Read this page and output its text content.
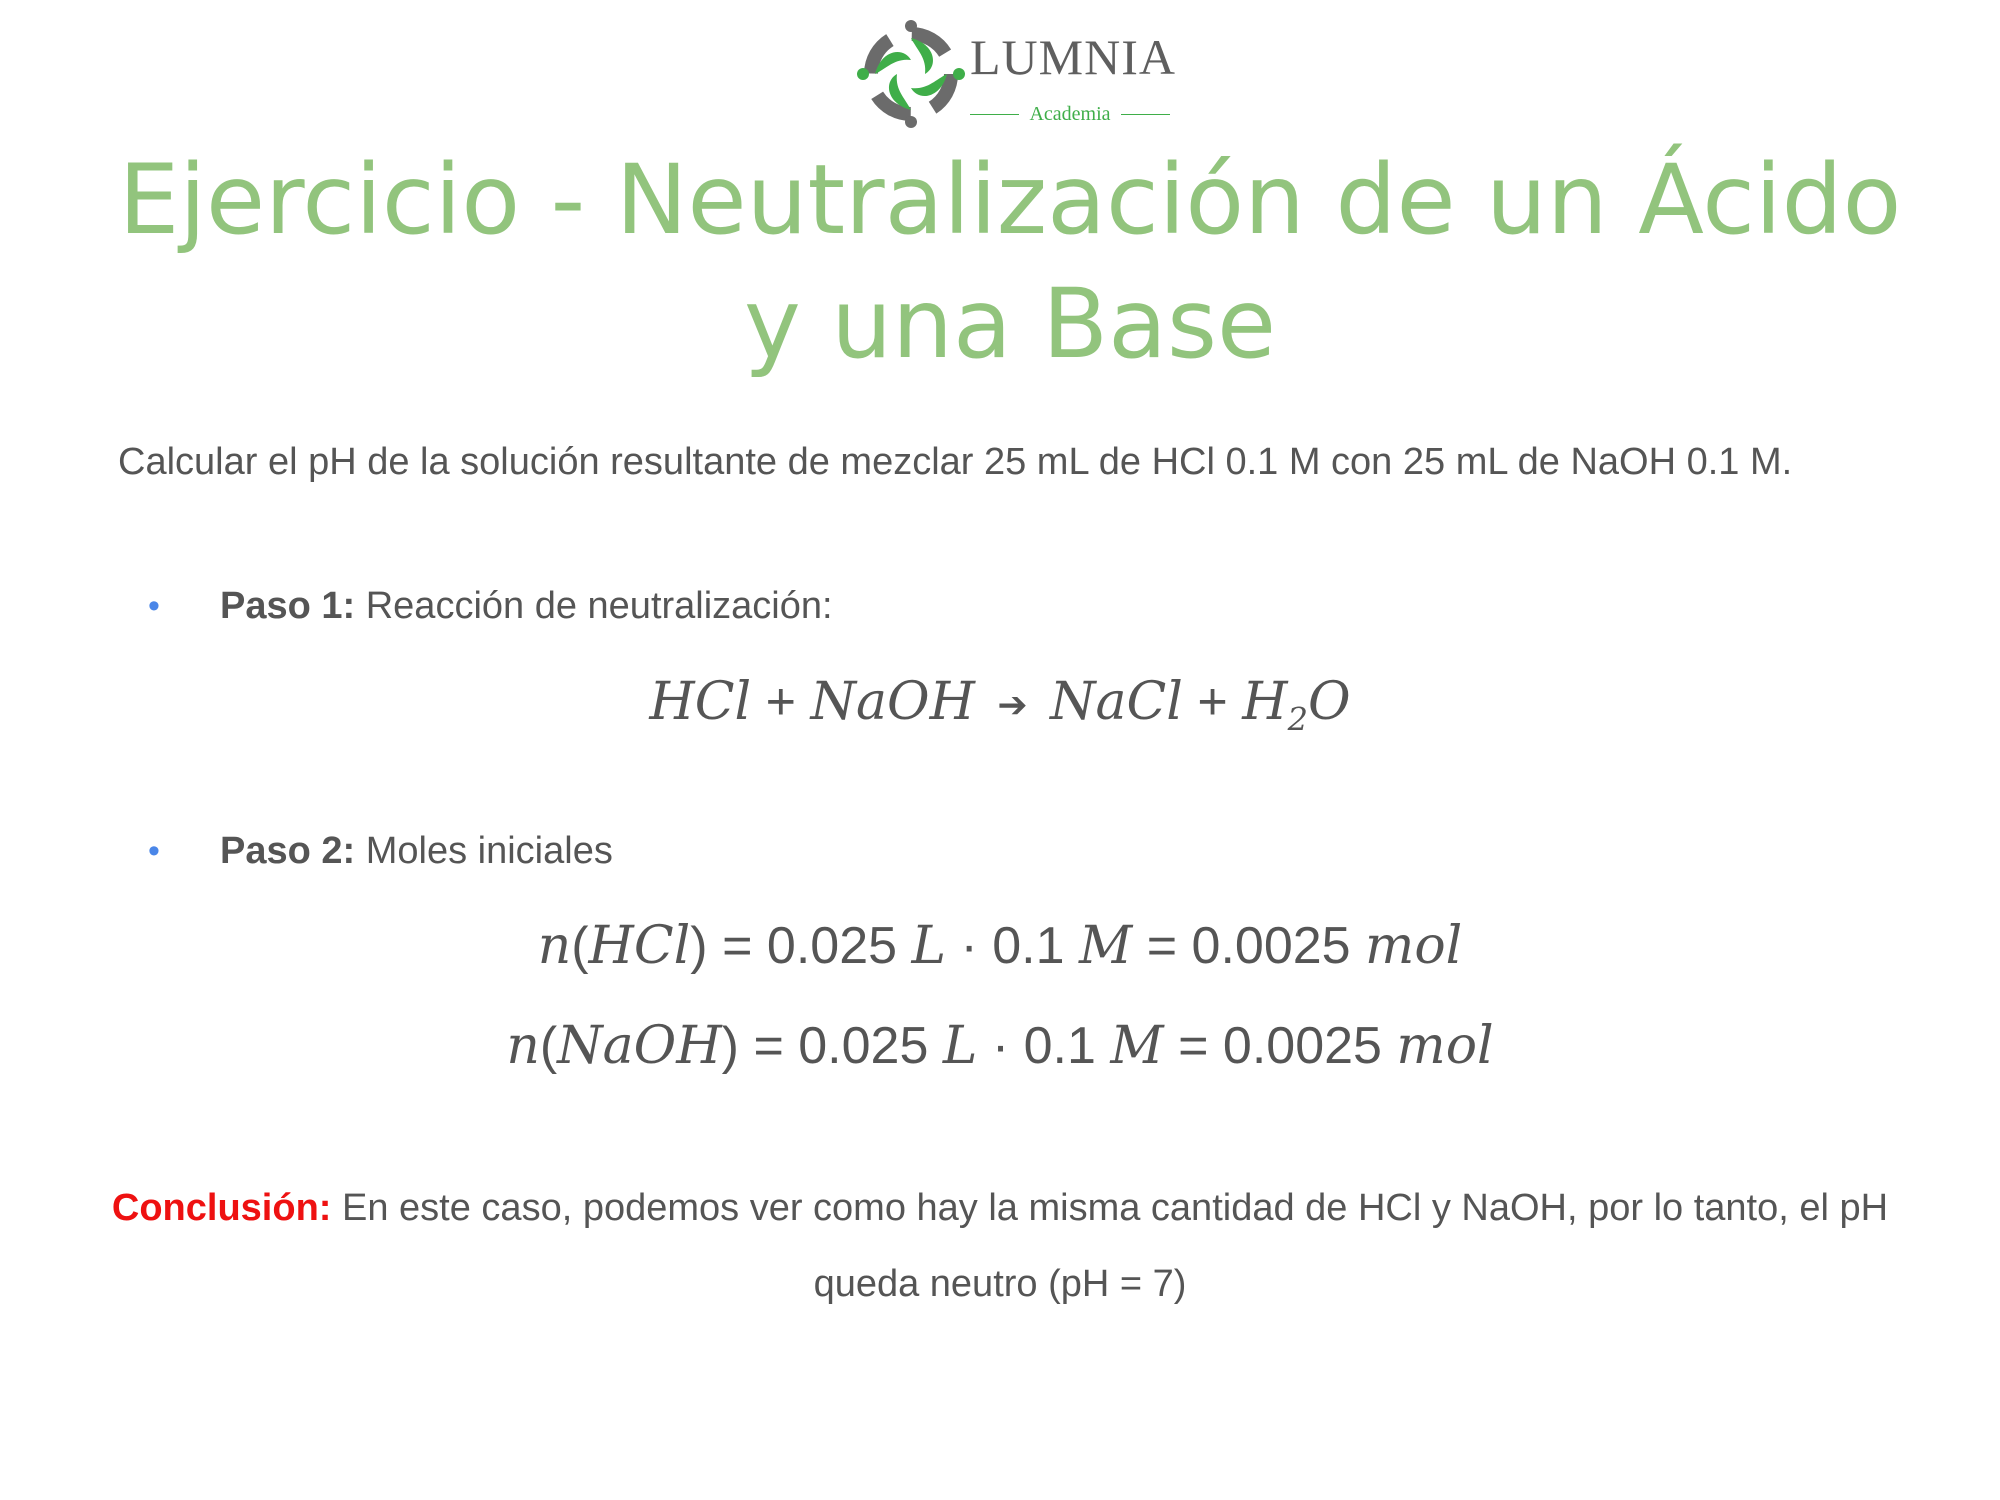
LUMNIA
Academia
Ejercicio - Neutralización de un Ácido
y una Base

Calcular el pH de la solución resultante de mezclar 25 mL de HCl 0.1 M con 25 mL de NaOH 0.1 M.

• Paso 1: Reacción de neutralización:
HCl + NaOH ➔ NaCl + $H_2O$
• Paso 2: Moles iniciales
n(HCl) = 0.025 L · 0.1 M = 0.0025 mol
n(NaOH) = 0.025 L · 0.1 M = 0.0025 mol

Conclusión: En este caso, podemos ver como hay la misma cantidad de HCl y NaOH, por lo tanto, el pH queda neutro (pH = 7)
